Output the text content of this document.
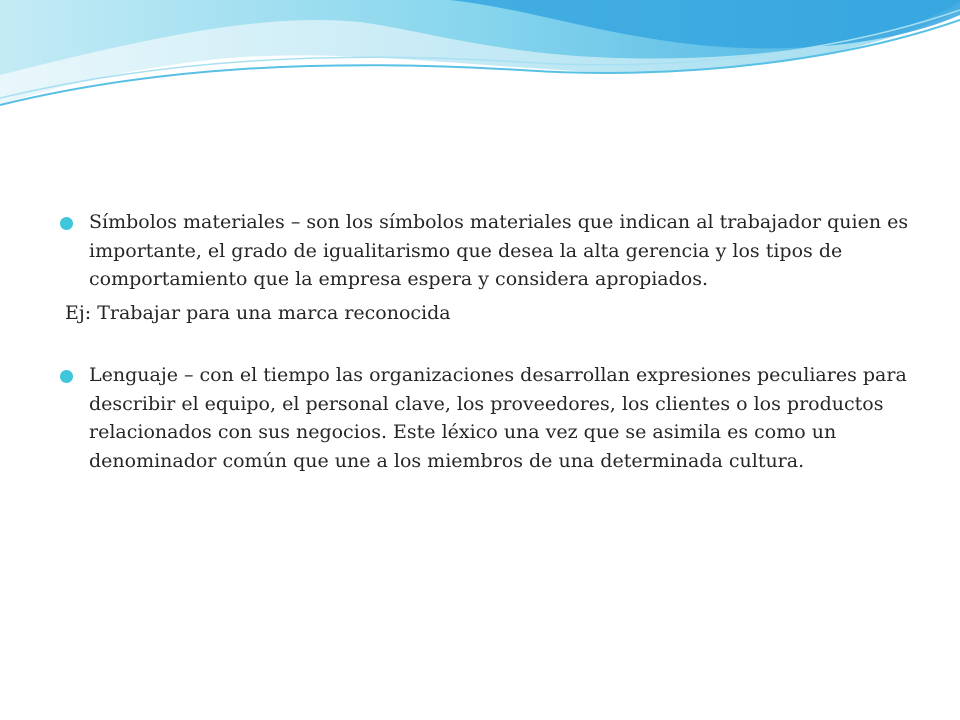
Símbolos materiales – son los símbolos materiales que indican al trabajador quien es importante, el grado de igualitarismo que desea la alta gerencia y los tipos de comportamiento que la empresa espera y considera apropiados.
Ej: Trabajar para una marca reconocida
Lenguaje – con el tiempo las organizaciones desarrollan expresiones peculiares para describir el equipo, el personal clave, los proveedores, los clientes o los productos relacionados con sus negocios. Este léxico una vez que se asimila es como un denominador común que une a los miembros de una determinada cultura.
